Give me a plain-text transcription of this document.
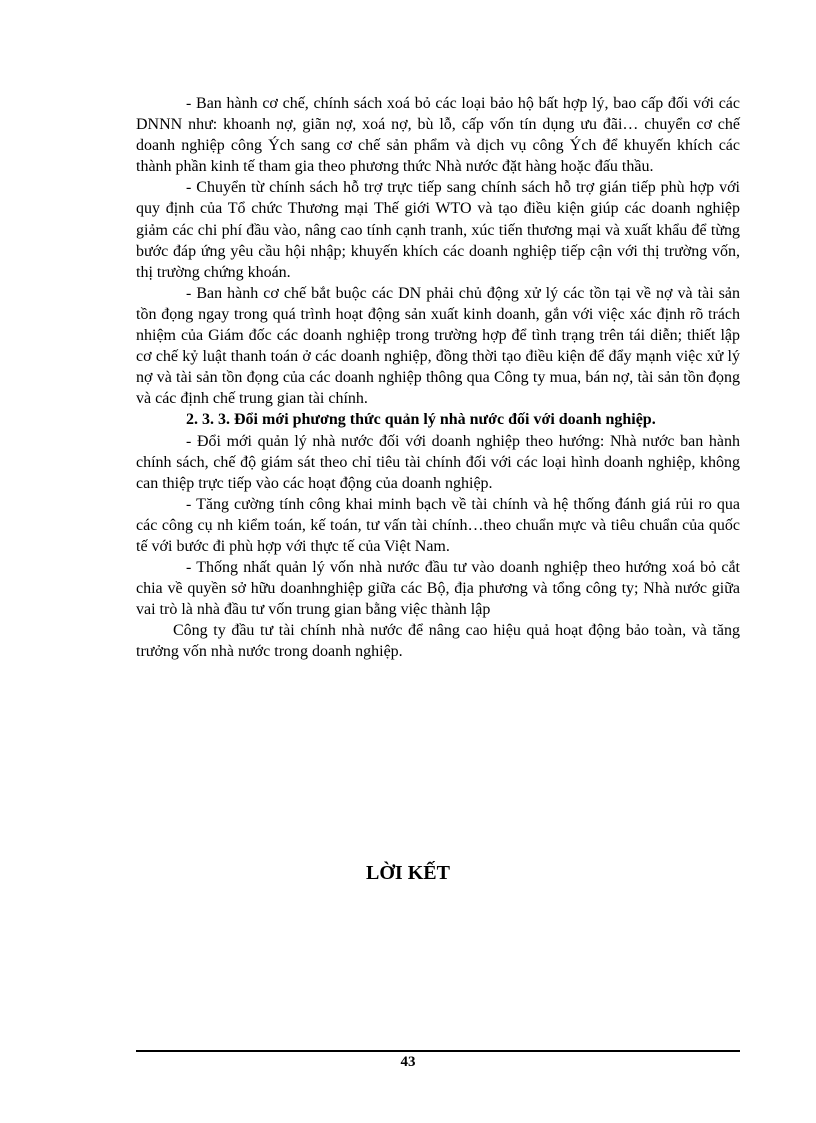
- Ban hành cơ chế, chính sách xoá bỏ các loại bảo hộ bất hợp lý, bao cấp đối với các DNNN như: khoanh nợ, giãn nợ, xoá nợ, bù lỗ, cấp vốn tín dụng ưu đãi… chuyển cơ chế doanh nghiệp công Ých sang cơ chế sản phẩm và dịch vụ công Ých để khuyến khích các thành phần kinh tế tham gia theo phương thức Nhà nước đặt hàng hoặc đấu thầu.

- Chuyển từ chính sách hỗ trợ trực tiếp sang chính sách hỗ trợ gián tiếp phù hợp với quy định của Tổ chức Thương mại Thế giới WTO và tạo điều kiện giúp các doanh nghiệp giảm các chi phí đầu vào, nâng cao tính cạnh tranh, xúc tiến thương mại và xuất khẩu để từng bước đáp ứng yêu cầu hội nhập; khuyến khích các doanh nghiệp tiếp cận với thị trường vốn, thị trường chứng khoán.

- Ban hành cơ chế bắt buộc các DN phải chủ động xử lý các tồn tại về nợ và tài sản tồn đọng ngay trong quá trình hoạt động sản xuất kinh doanh, gắn với việc xác định rõ trách nhiệm của Giám đốc các doanh nghiệp trong trường hợp để tình trạng trên tái diễn; thiết lập cơ chế kỷ luật thanh toán ở các doanh nghiệp, đồng thời tạo điều kiện để đẩy mạnh việc xử lý nợ và tài sản tồn đọng của các doanh nghiệp thông qua Công ty mua, bán nợ, tài sản tồn đọng và các định chế trung gian tài chính.

2. 3. 3. Đổi mới phương thức quản lý nhà nước đối với doanh nghiệp.

- Đổi mới quản lý nhà nước đối với doanh nghiệp theo hướng: Nhà nước ban hành chính sách, chế độ giám sát theo chỉ tiêu tài chính đối với các loại hình doanh nghiệp, không can thiệp trực tiếp vào các hoạt động của doanh nghiệp.

- Tăng cường tính công khai minh bạch về tài chính và hệ thống đánh giá rủi ro qua các công cụ nh kiểm toán, kế toán, tư vấn tài chính…theo chuẩn mực và tiêu chuẩn của quốc tế với bước đi phù hợp với thực tế của Việt Nam.

- Thống nhất quản lý vốn nhà nước đầu tư vào doanh nghiệp theo hướng xoá bỏ cắt chia về quyền sở hữu doanhnghiệp giữa các Bộ, địa phương và tổng công ty; Nhà nước giữa vai trò là nhà đầu tư vốn trung gian bằng việc thành lập

Công ty đầu tư tài chính nhà nước để nâng cao hiệu quả hoạt động bảo toàn, và tăng trưởng vốn nhà nước trong doanh nghiệp.

LỜI KẾT
43
